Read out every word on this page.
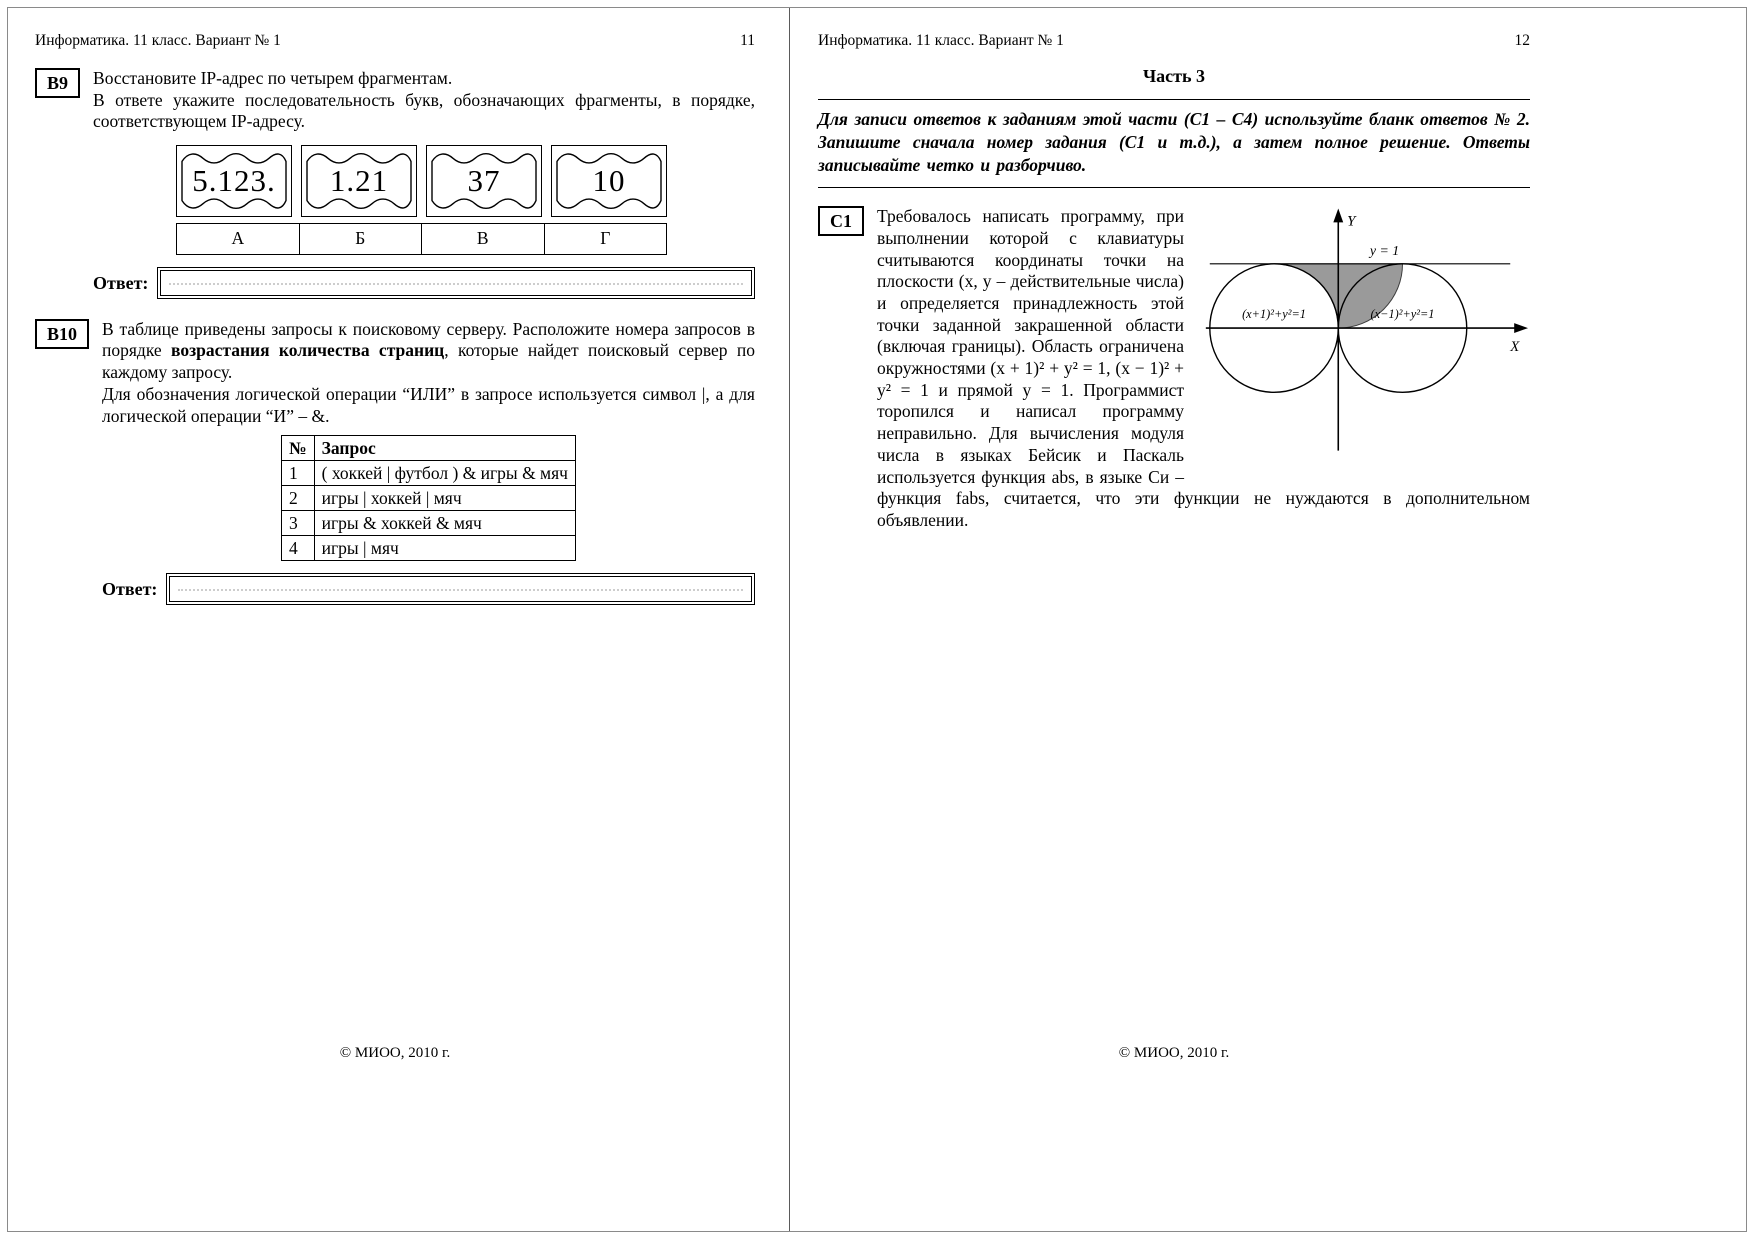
Информатика. 11 класс. Вариант № 1	11
В9	Восстановите IP-адрес по четырем фрагментам.

В ответе укажите последовательность букв, обозначающих фрагменты, в порядке, соответствующем IP-адресу.

5.123.	1.21	37	10
А	Б	В	Г
Ответ:
В10	В таблице приведены запросы к поисковому серверу. Расположите номера запросов в порядке возрастания количества страниц, которые найдет поисковый сервер по каждому запросу.

Для обозначения логической операции “ИЛИ” в запросе используется символ |, а для логической операции “И” – &.

№	Запрос
1	( хоккей | футбол ) & игры & мяч
2	игры | хоккей | мяч
3	игры & хоккей & мяч
4	игры | мяч
Ответ:
© МИОО, 2010 г.
Информатика. 11 класс. Вариант № 1	12
Часть 3
Для записи ответов к заданиям этой части (С1 – С4) используйте бланк ответов № 2. Запишите сначала номер задания (С1 и т.д.), а затем полное решение. Ответы записывайте четко и разборчиво.
С1	Y
X
y = 1
(x+1)²+y²=1	(x−1)²+y²=1

Требовалось написать программу, при выполнении которой с клавиатуры считываются координаты точки на плоскости (x, y – действительные числа) и определяется принадлежность этой точки заданной закрашенной области (включая границы). Область ограничена окружностями (x + 1)² + y² = 1, (x − 1)² + y² = 1 и прямой y = 1. Программист торопился и написал программу неправильно. Для вычисления модуля числа в языках Бейсик и Паскаль используется функция abs, в языке Си – функция fabs, считается, что эти функции не нуждаются в дополнительном объявлении.

© МИОО, 2010 г.
